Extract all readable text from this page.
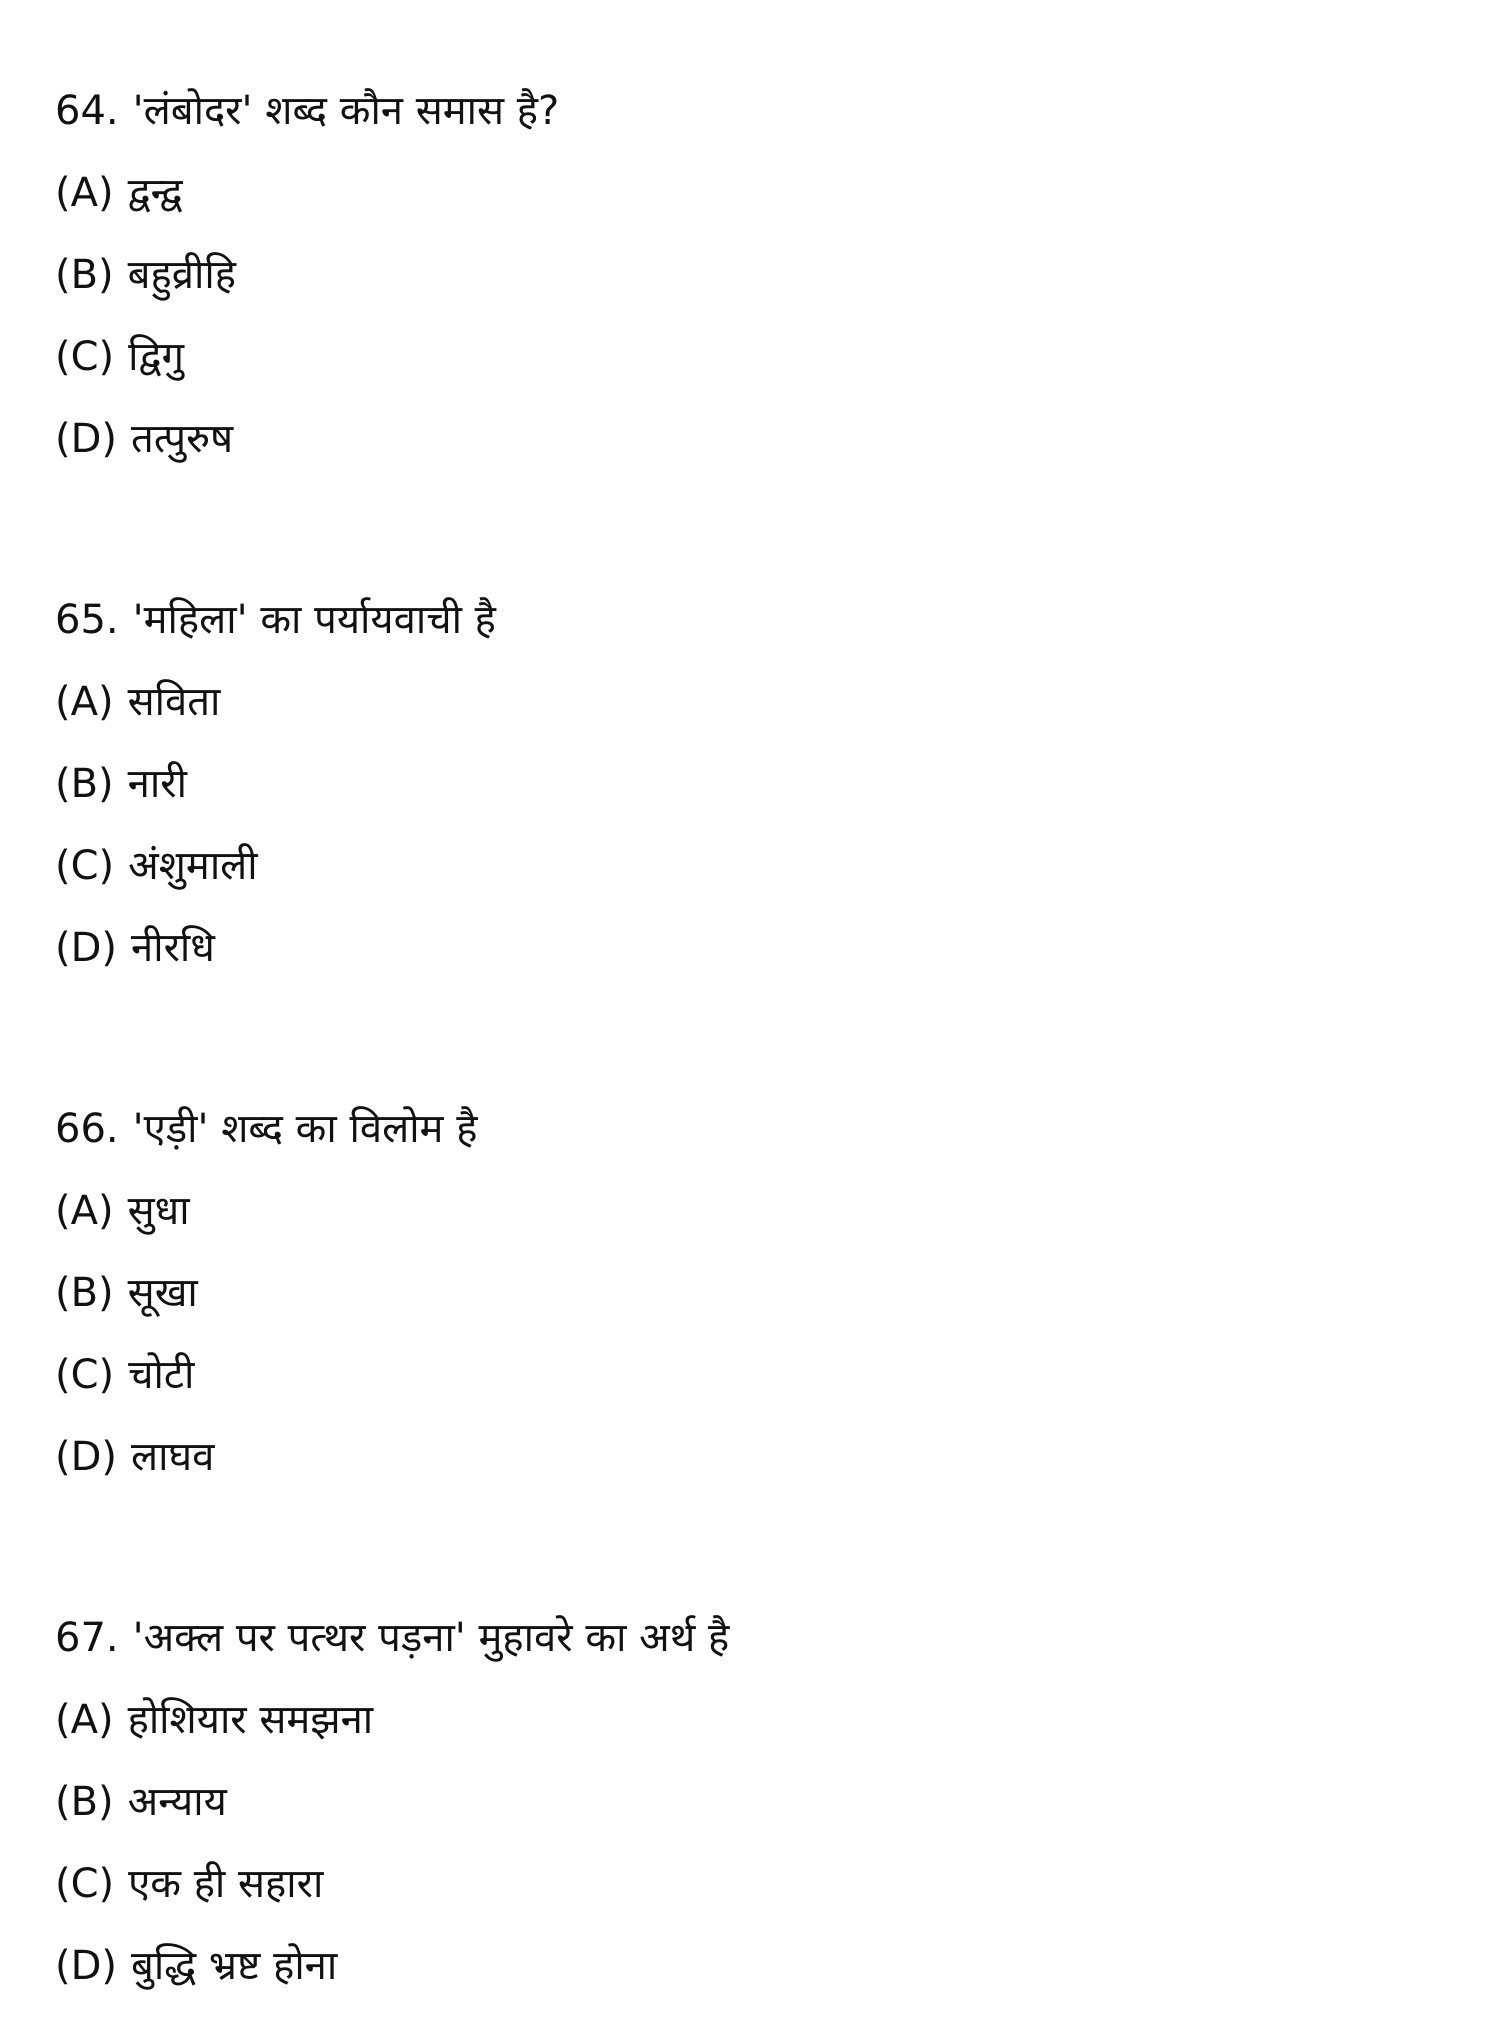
64. 'लंबोदर' शब्द कौन समास है?
(A) द्वन्द्व
(B) बहुव्रीहि
(C) द्विगु
(D) तत्पुरुष
65. 'महिला' का पर्यायवाची है
(A) सविता
(B) नारी
(C) अंशुमाली
(D) नीरधि
66. 'एड़ी' शब्द का विलोम है
(A) सुधा
(B) सूखा
(C) चोटी
(D) लाघव
67. 'अक्ल पर पत्थर पड़ना' मुहावरे का अर्थ है
(A) होशियार समझना
(B) अन्याय
(C) एक ही सहारा
(D) बुद्धि भ्रष्ट होना
